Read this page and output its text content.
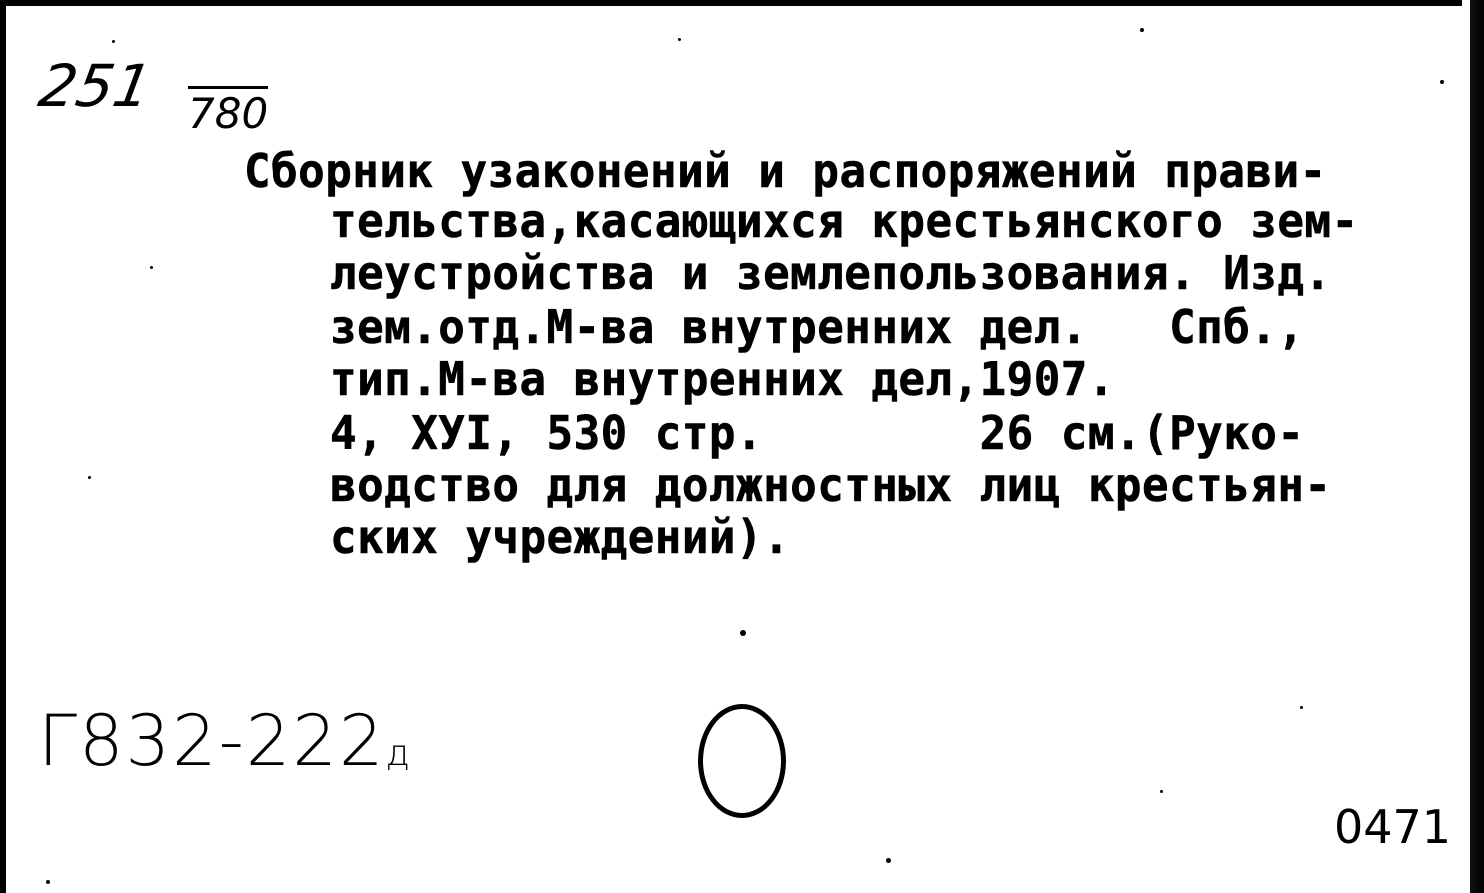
251 780
Сборник узаконений и распоряжений прави-
тельства,касающихся крестьянского зем-
леустройства и землепользования. Изд.
зем.отд.М-ва внутренних дел.   Спб.,
тип.М-ва внутренних дел,1907.
4, XУI, 530 стр.        26 см.(Руко-
водство для должностных лиц крестьян-
ских учреждений).
Г832-222д
0471
